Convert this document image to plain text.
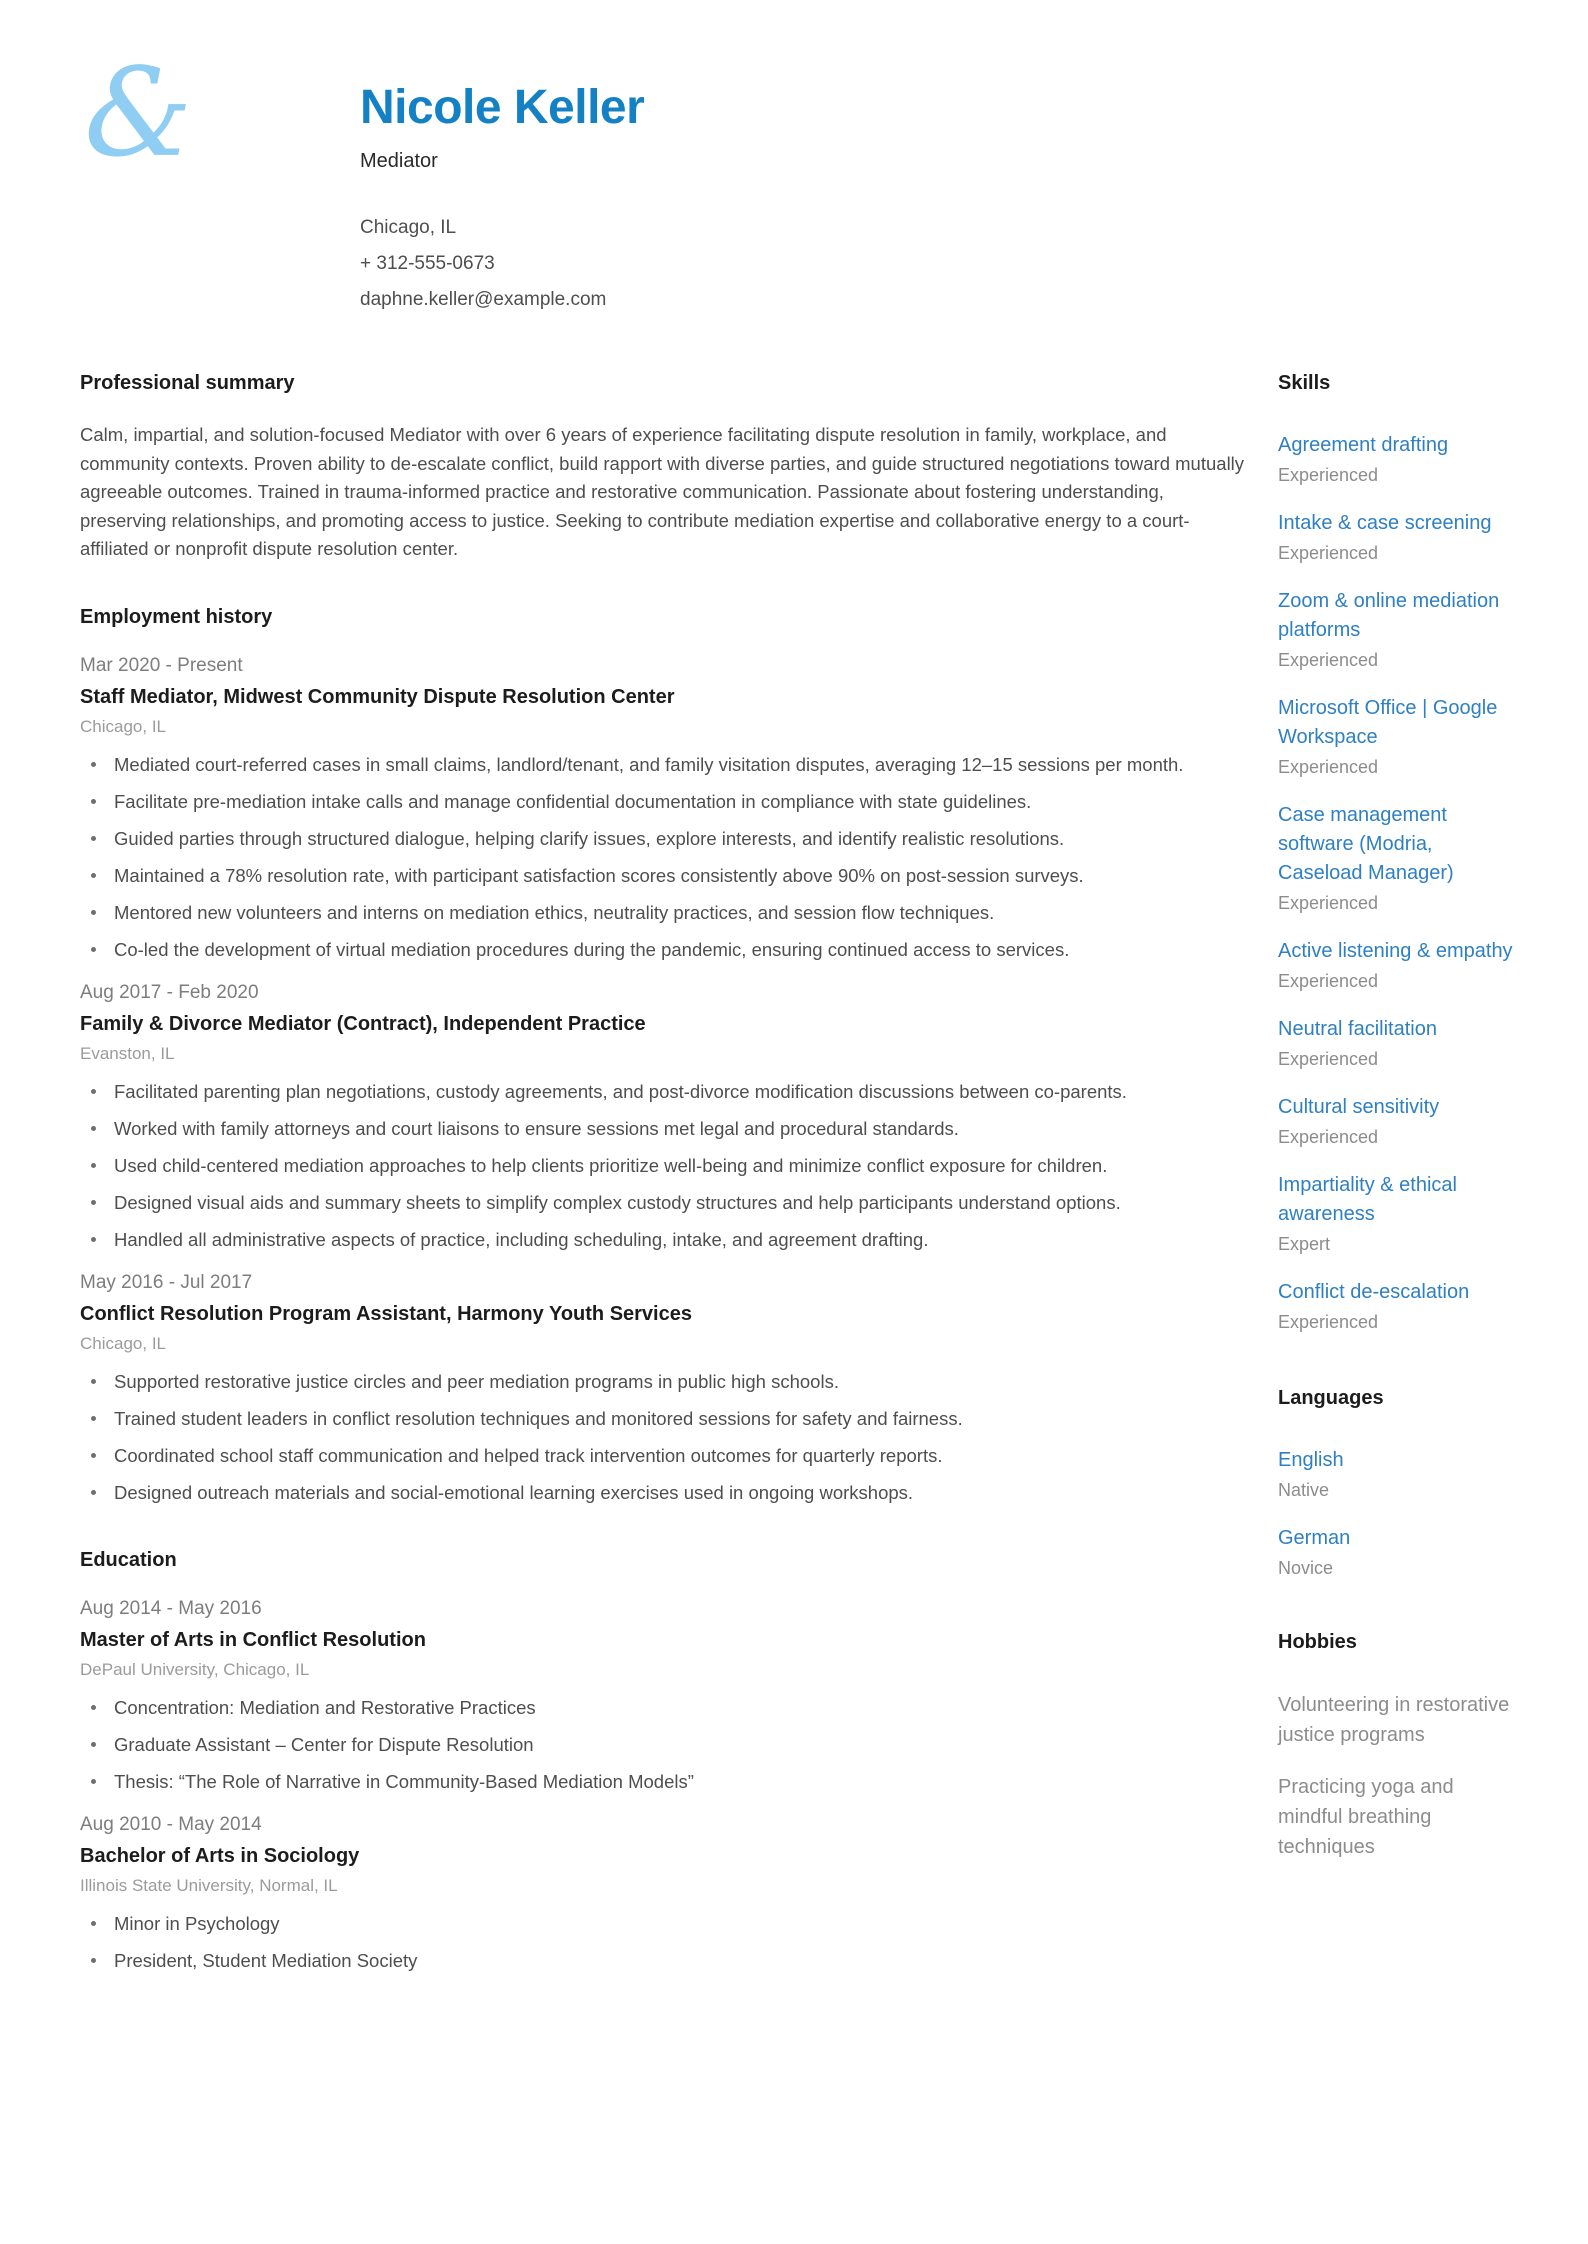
&	Nicole Keller
Mediator
Chicago, IL
+ 312-555-0673
daphne.keller@example.com
Professional summary

Calm, impartial, and solution-focused Mediator with over 6 years of experience facilitating dispute resolution in family, workplace, and community contexts. Proven ability to de-escalate conflict, build rapport with diverse parties, and guide structured negotiations toward mutually agreeable outcomes. Trained in trauma-informed practice and restorative communication. Passionate about fostering understanding, preserving relationships, and promoting access to justice. Seeking to contribute mediation expertise and collaborative energy to a court-affiliated or nonprofit dispute resolution center.

Employment history
Mar 2020 - Present
Staff Mediator, Midwest Community Dispute Resolution Center
Chicago, IL
Mediated court-referred cases in small claims, landlord/tenant, and family visitation disputes, averaging 12–15 sessions per month.
Facilitate pre-mediation intake calls and manage confidential documentation in compliance with state guidelines.
Guided parties through structured dialogue, helping clarify issues, explore interests, and identify realistic resolutions.
Maintained a 78% resolution rate, with participant satisfaction scores consistently above 90% on post-session surveys.
Mentored new volunteers and interns on mediation ethics, neutrality practices, and session flow techniques.
Co-led the development of virtual mediation procedures during the pandemic, ensuring continued access to services.
Aug 2017 - Feb 2020
Family & Divorce Mediator (Contract), Independent Practice
Evanston, IL
Facilitated parenting plan negotiations, custody agreements, and post-divorce modification discussions between co-parents.
Worked with family attorneys and court liaisons to ensure sessions met legal and procedural standards.
Used child-centered mediation approaches to help clients prioritize well-being and minimize conflict exposure for children.
Designed visual aids and summary sheets to simplify complex custody structures and help participants understand options.
Handled all administrative aspects of practice, including scheduling, intake, and agreement drafting.
May 2016 - Jul 2017
Conflict Resolution Program Assistant, Harmony Youth Services
Chicago, IL
Supported restorative justice circles and peer mediation programs in public high schools.
Trained student leaders in conflict resolution techniques and monitored sessions for safety and fairness.
Coordinated school staff communication and helped track intervention outcomes for quarterly reports.
Designed outreach materials and social-emotional learning exercises used in ongoing workshops.
Education
Aug 2014 - May 2016
Master of Arts in Conflict Resolution
DePaul University, Chicago, IL
Concentration: Mediation and Restorative Practices
Graduate Assistant – Center for Dispute Resolution
Thesis: “The Role of Narrative in Community-Based Mediation Models”
Aug 2010 - May 2014
Bachelor of Arts in Sociology
Illinois State University, Normal, IL
Minor in Psychology
President, Student Mediation Society
Skills
Agreement drafting
Experienced
Intake & case screening
Experienced
Zoom & online mediation platforms
Experienced
Microsoft Office | Google Workspace
Experienced
Case management software (Modria, Caseload Manager)
Experienced
Active listening & empathy
Experienced
Neutral facilitation
Experienced
Cultural sensitivity
Experienced
Impartiality & ethical awareness
Expert
Conflict de-escalation
Experienced
Languages
English
Native
German
Novice
Hobbies
Volunteering in restorative justice programs
Practicing yoga and mindful breathing techniques
